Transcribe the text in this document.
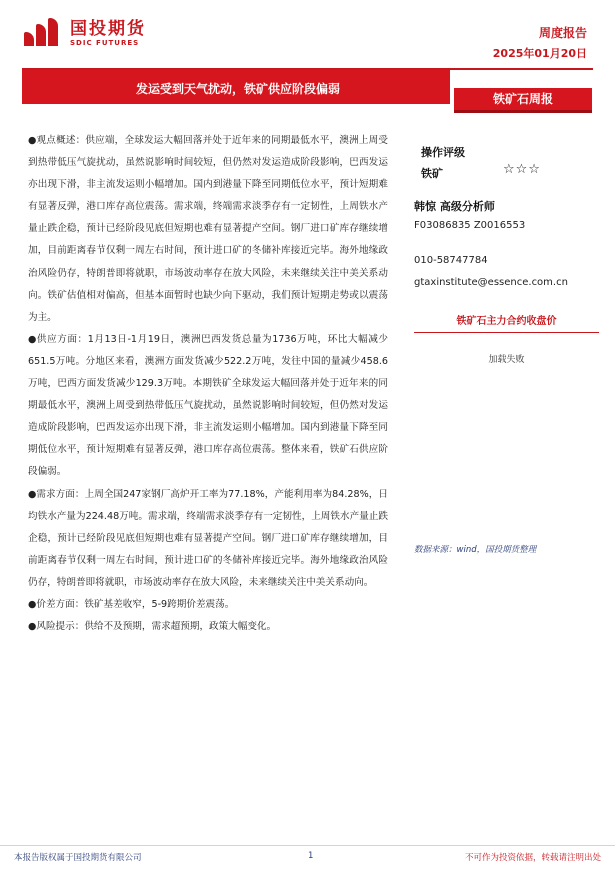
国投期货
SDIC FUTURES
周度报告
2025年01月20日
发运受到天气扰动，铁矿供应阶段偏弱
铁矿石周报

●观点概述：供应端，全球发运大幅回落并处于近年来的同期最低水平，澳洲上周受到热带低压气旋扰动，虽然说影响时间较短，但仍然对发运造成阶段影响，巴西发运亦出现下滑，非主流发运则小幅增加。国内到港量下降至同期低位水平，预计短期难有显著反弹，港口库存高位震荡。需求端，终端需求淡季存有一定韧性，上周铁水产量止跌企稳，预计已经阶段见底但短期也难有显著提产空间。钢厂进口矿库存继续增加，目前距离春节仅剩一周左右时间，预计进口矿的冬储补库接近完毕。海外地缘政治风险仍存，特朗普即将就职，市场波动率存在放大风险，未来继续关注中美关系动向。铁矿估值相对偏高，但基本面暂时也缺少向下驱动，我们预计短期走势或以震荡为主。

●供应方面：1月13日-1月19日，澳洲巴西发货总量为1736万吨，环比大幅减少651.5万吨。分地区来看，澳洲方面发货减少522.2万吨，发往中国的量减少458.6万吨，巴西方面发货减少129.3万吨。本期铁矿全球发运大幅回落并处于近年来的同期最低水平，澳洲上周受到热带低压气旋扰动，虽然说影响时间较短，但仍然对发运造成阶段影响，巴西发运亦出现下滑，非主流发运则小幅增加。国内到港量下降至同期低位水平，预计短期难有显著反弹，港口库存高位震荡。整体来看，铁矿石供应阶段偏弱。

●需求方面：上周全国247家钢厂高炉开工率为77.18%，产能利用率为84.28%，日均铁水产量为224.48万吨。需求端，终端需求淡季存有一定韧性，上周铁水产量止跌企稳，预计已经阶段见底但短期也难有显著提产空间。钢厂进口矿库存继续增加，目前距离春节仅剩一周左右时间，预计进口矿的冬储补库接近完毕。海外地缘政治风险仍存，特朗普即将就职，市场波动率存在放大风险，未来继续关注中美关系动向。

●价差方面：铁矿基差收窄，5-9跨期价差震荡。

●风险提示：供给不及预期，需求超预期，政策大幅变化。

操作评级
铁矿	☆☆☆
韩惊 高级分析师
F03086835 Z0016553
010-58747784
gtaxinstitute@essence.com.cn
铁矿石主力合约收盘价
加载失败
数据来源：wind，国投期货整理
本报告版权属于国投期货有限公司	1	不可作为投资依据，转载请注明出处
